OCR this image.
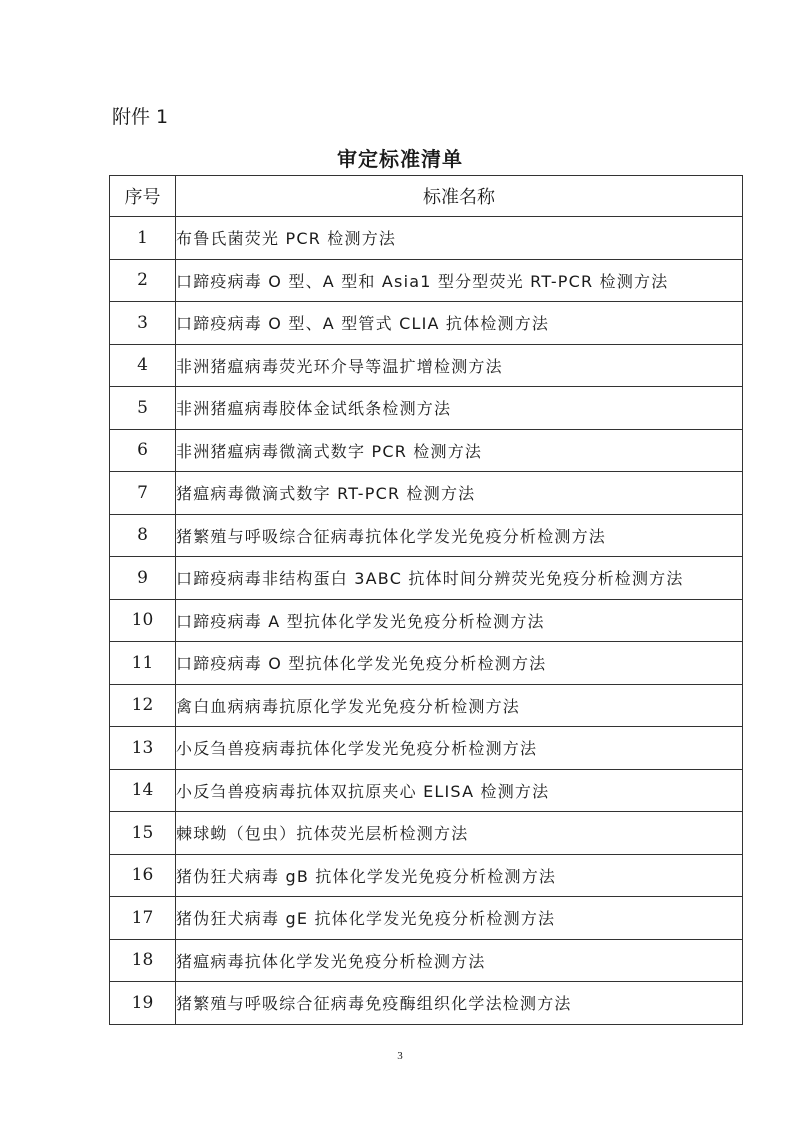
附件 1
审定标准清单
序号	标准名称
1	布鲁氏菌荧光 PCR 检测方法
2	口蹄疫病毒 O 型、A 型和 Asia1 型分型荧光 RT-PCR 检测方法
3	口蹄疫病毒 O 型、A 型管式 CLIA 抗体检测方法
4	非洲猪瘟病毒荧光环介导等温扩增检测方法
5	非洲猪瘟病毒胶体金试纸条检测方法
6	非洲猪瘟病毒微滴式数字 PCR 检测方法
7	猪瘟病毒微滴式数字 RT-PCR 检测方法
8	猪繁殖与呼吸综合征病毒抗体化学发光免疫分析检测方法
9	口蹄疫病毒非结构蛋白 3ABC 抗体时间分辨荧光免疫分析检测方法
10	口蹄疫病毒 A 型抗体化学发光免疫分析检测方法
11	口蹄疫病毒 O 型抗体化学发光免疫分析检测方法
12	禽白血病病毒抗原化学发光免疫分析检测方法
13	小反刍兽疫病毒抗体化学发光免疫分析检测方法
14	小反刍兽疫病毒抗体双抗原夹心 ELISA 检测方法
15	棘球蚴（包虫）抗体荧光层析检测方法
16	猪伪狂犬病毒 gB 抗体化学发光免疫分析检测方法
17	猪伪狂犬病毒 gE 抗体化学发光免疫分析检测方法
18	猪瘟病毒抗体化学发光免疫分析检测方法
19	猪繁殖与呼吸综合征病毒免疫酶组织化学法检测方法
3
